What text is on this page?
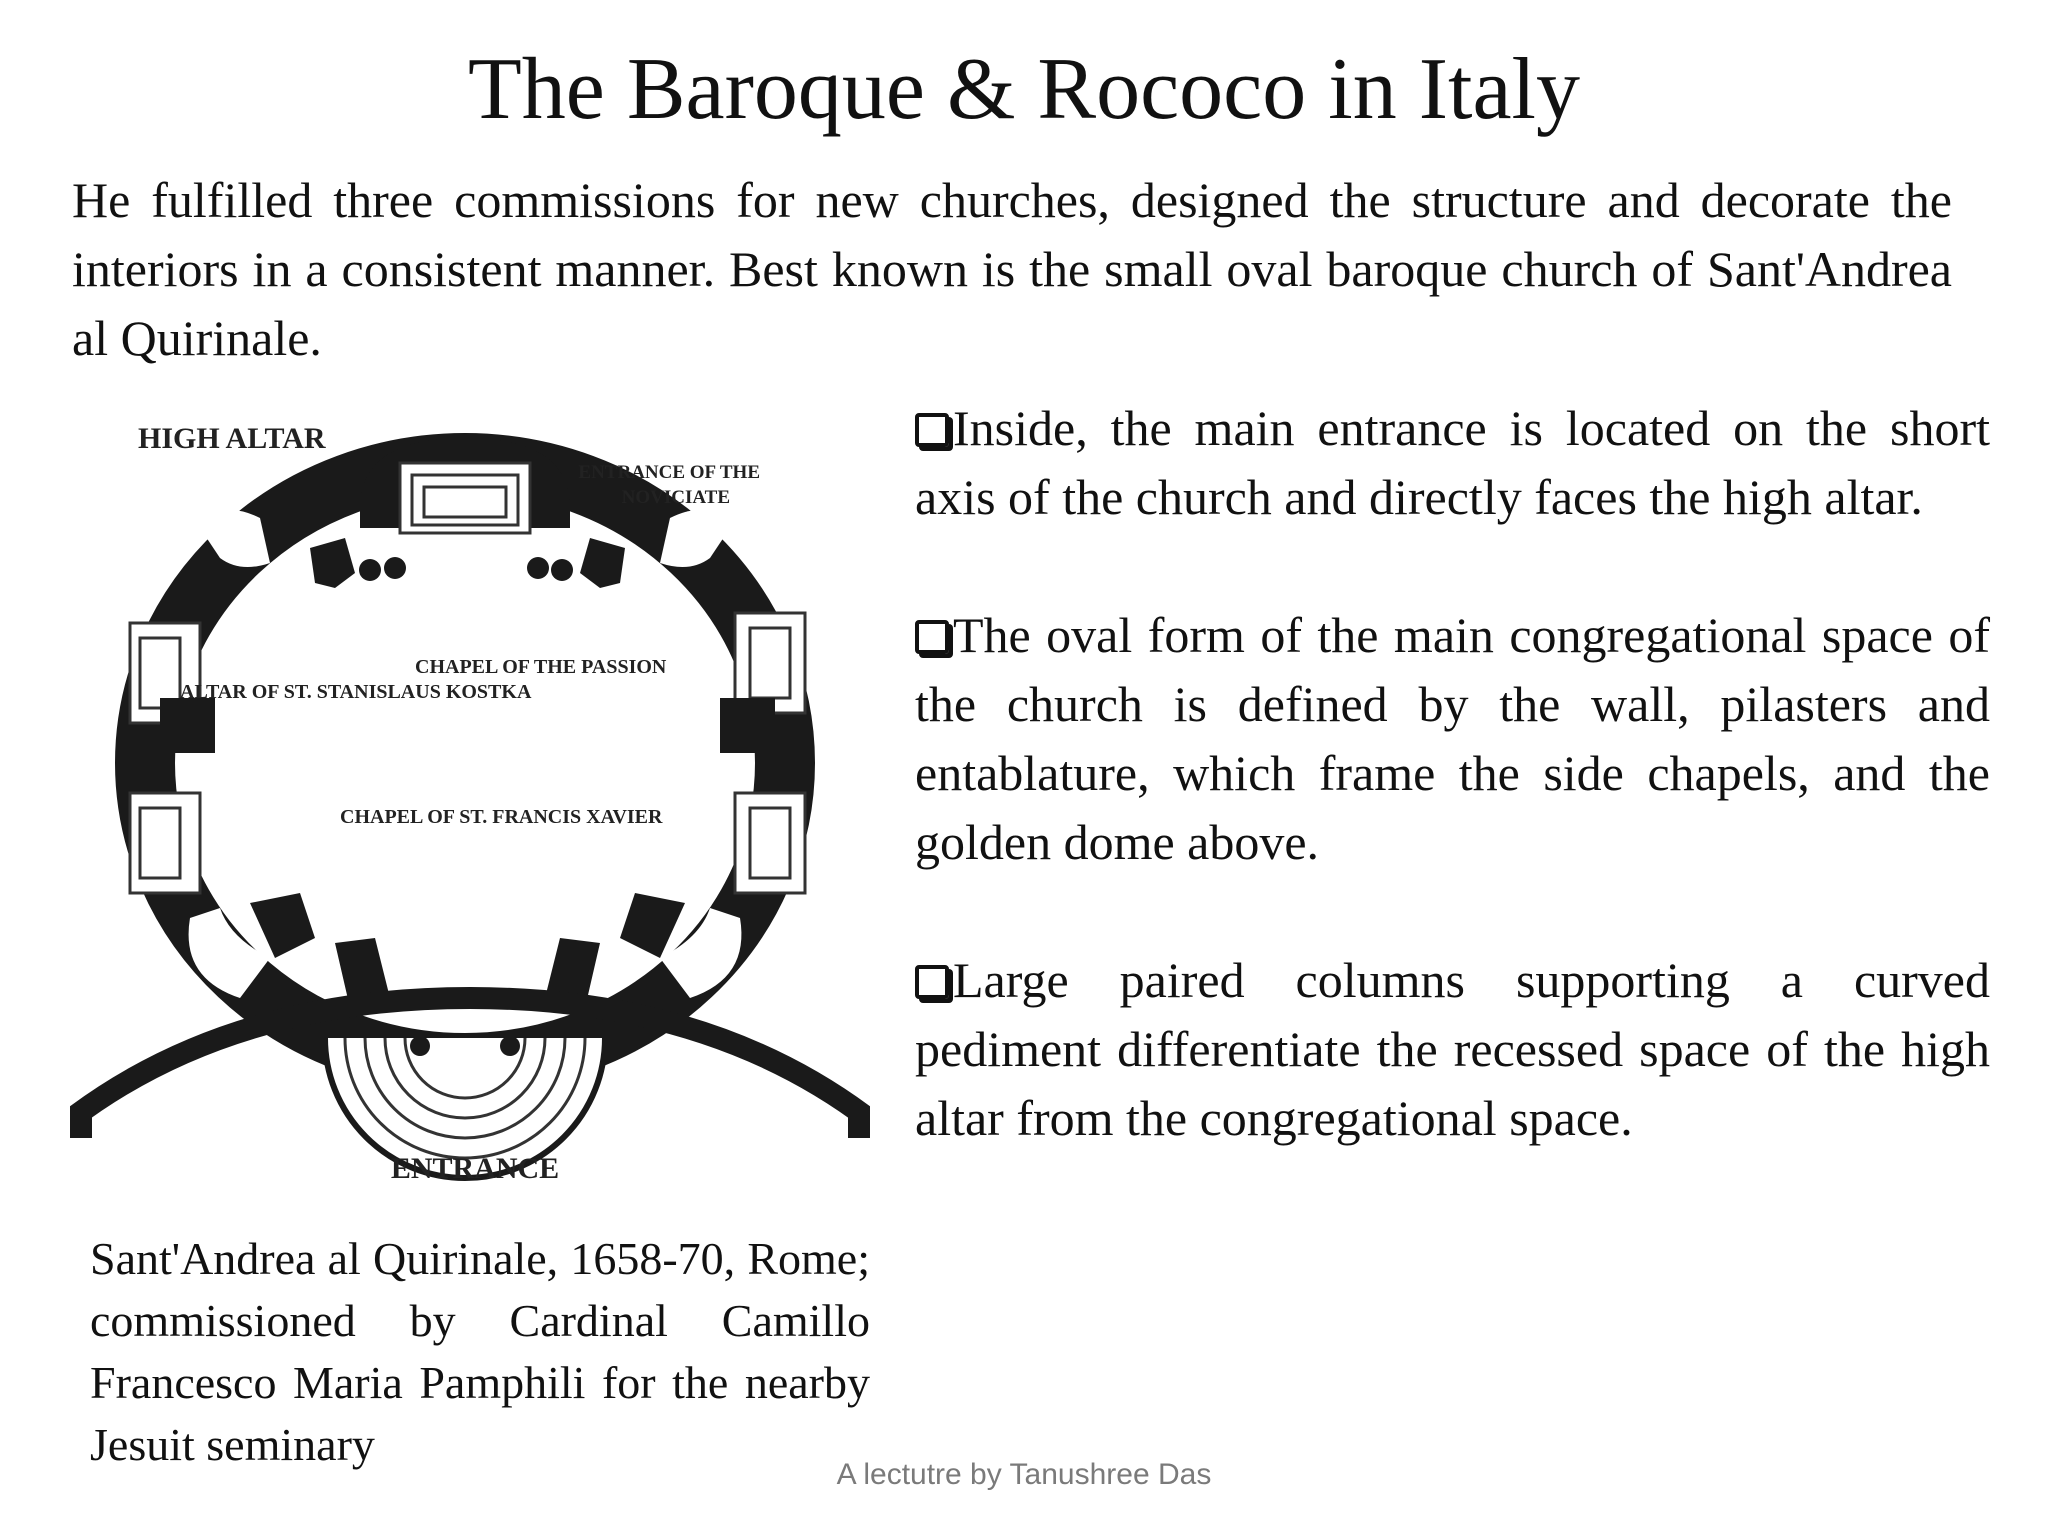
The Baroque & Rococo in Italy

He fulfilled three commissions for new churches, designed the structure and decorate the interiors in a consistent manner. Best known is the small oval baroque church of Sant'Andrea al Quirinale.

HIGH ALTAR
ENTRANCE OF THE
NOVICIATE
CHAPEL OF THE PASSION
ALTAR OF ST. STANISLAUS KOSTKA
CHAPEL OF ST. FRANCIS XAVIER
ENTRANCE

Sant'Andrea al Quirinale, 1658-70, Rome; commissioned by Cardinal Camillo Francesco Maria Pamphili for the nearby Jesuit seminary

Inside, the main entrance is located on the short axis of the church and directly faces the high altar.
The oval form of the main congregational space of the church is defined by the wall, pilasters and entablature, which frame the side chapels, and the golden dome above.
Large paired columns supporting a curved pediment differentiate the recessed space of the high altar from the congregational space.
A lectutre by Tanushree Das
